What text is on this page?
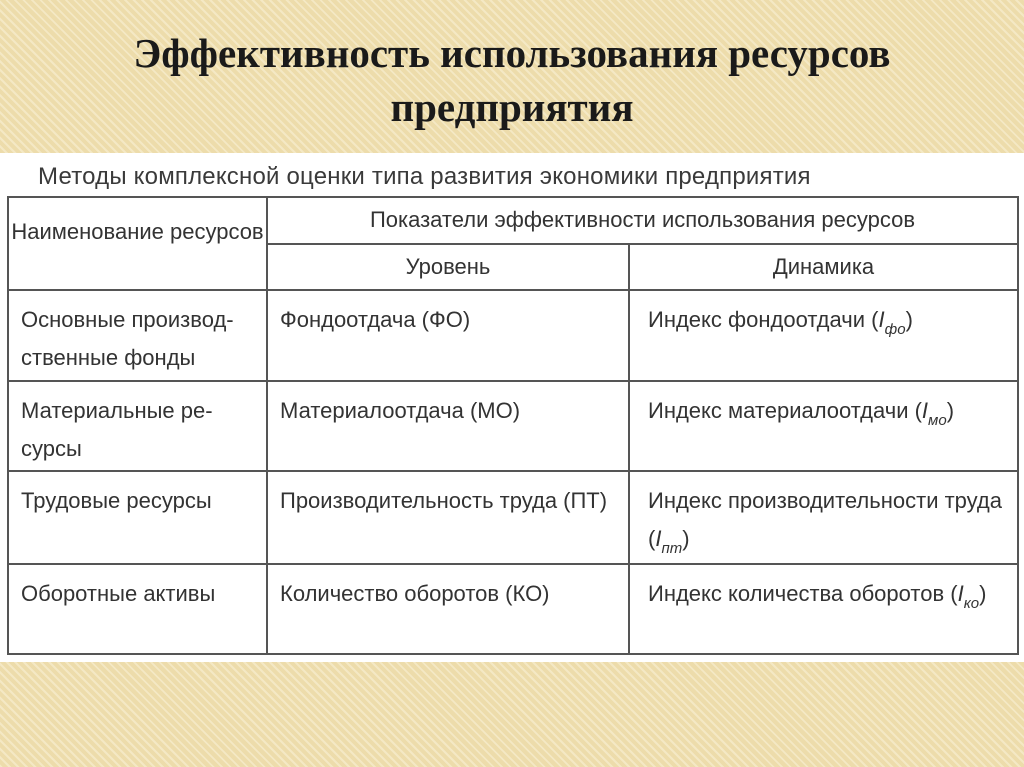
Эффективность использования ресурсов
предприятия
Методы комплексной оценки типа развития экономики предприятия
Наименование ресурсов	Показатели эффективности использования ресурсов	
	Уровень	Динамика

Основные производ-ственные фонды	Фондоотдача (ФО)	Индекс фондоотдачи $(I_{фо})$

Материальные ре-сурсы	Материалоотдача (МО)	Индекс материалоотдачи $(I_{мо})$

Трудовые ресурсы	Производительность труда (ПТ)	Индекс производительности труда $(I_{пт})$

Оборотные активы	Количество оборотов (КО)	Индекс количества оборотов $(I_{ко})$
